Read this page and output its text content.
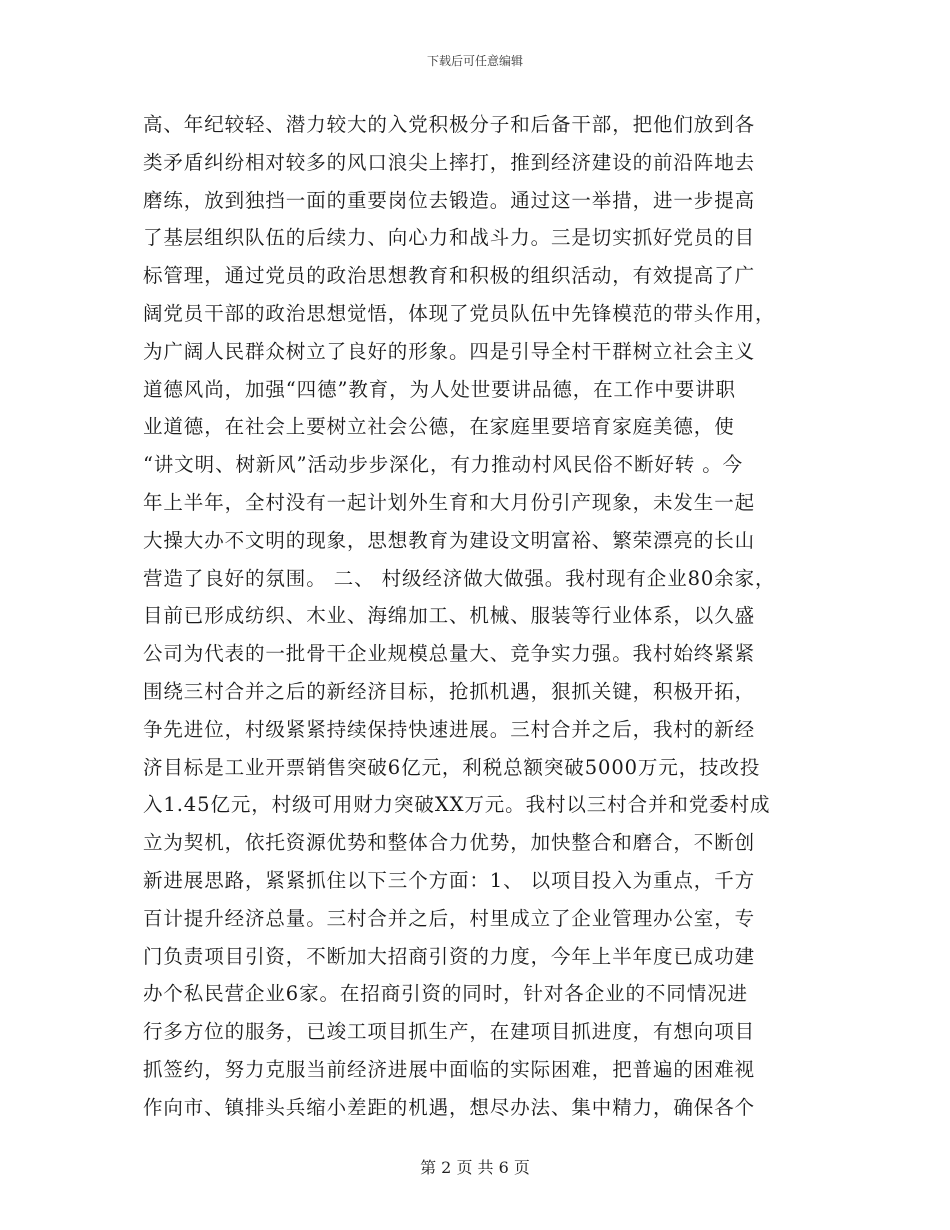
下载后可任意编辑
高、年纪较轻、潜力较大的入党积极分子和后备干部，把他们放到各
类矛盾纠纷相对较多的风口浪尖上摔打，推到经济建设的前沿阵地去
磨练，放到独挡一面的重要岗位去锻造。通过这一举措，进一步提高
了基层组织队伍的后续力、向心力和战斗力。三是切实抓好党员的目
标管理，通过党员的政治思想教育和积极的组织活动，有效提高了广
阔党员干部的政治思想觉悟，体现了党员队伍中先锋模范的带头作用，
为广阔人民群众树立了良好的形象。四是引导全村干群树立社会主义
道德风尚，加强“四德”教育，为人处世要讲品德，在工作中要讲职
业道德，在社会上要树立社会公德，在家庭里要培育家庭美德，使
“讲文明、树新风”活动步步深化，有力推动村风民俗不断好转 。今
年上半年，全村没有一起计划外生育和大月份引产现象，未发生一起
大操大办不文明的现象，思想教育为建设文明富裕、繁荣漂亮的长山
营造了良好的氛围。 二、 村级经济做大做强。我村现有企业80余家，
目前已形成纺织、木业、海绵加工、机械、服装等行业体系，以久盛
公司为代表的一批骨干企业规模总量大、竞争实力强。我村始终紧紧
围绕三村合并之后的新经济目标，抢抓机遇，狠抓关键，积极开拓，
争先进位，村级紧紧持续保持快速进展。三村合并之后，我村的新经
济目标是工业开票销售突破6亿元，利税总额突破5000万元，技改投
入1.45亿元，村级可用财力突破XX万元。我村以三村合并和党委村成
立为契机，依托资源优势和整体合力优势，加快整合和磨合，不断创
新进展思路，紧紧抓住以下三个方面：1、 以项目投入为重点，千方
百计提升经济总量。三村合并之后，村里成立了企业管理办公室，专
门负责项目引资，不断加大招商引资的力度，今年上半年度已成功建
办个私民营企业6家。在招商引资的同时，针对各企业的不同情况进
行多方位的服务，已竣工项目抓生产，在建项目抓进度，有想向项目
抓签约，努力克服当前经济进展中面临的实际困难，把普遍的困难视
作向市、镇排头兵缩小差距的机遇，想尽办法、集中精力，确保各个
第 2 页 共 6 页
